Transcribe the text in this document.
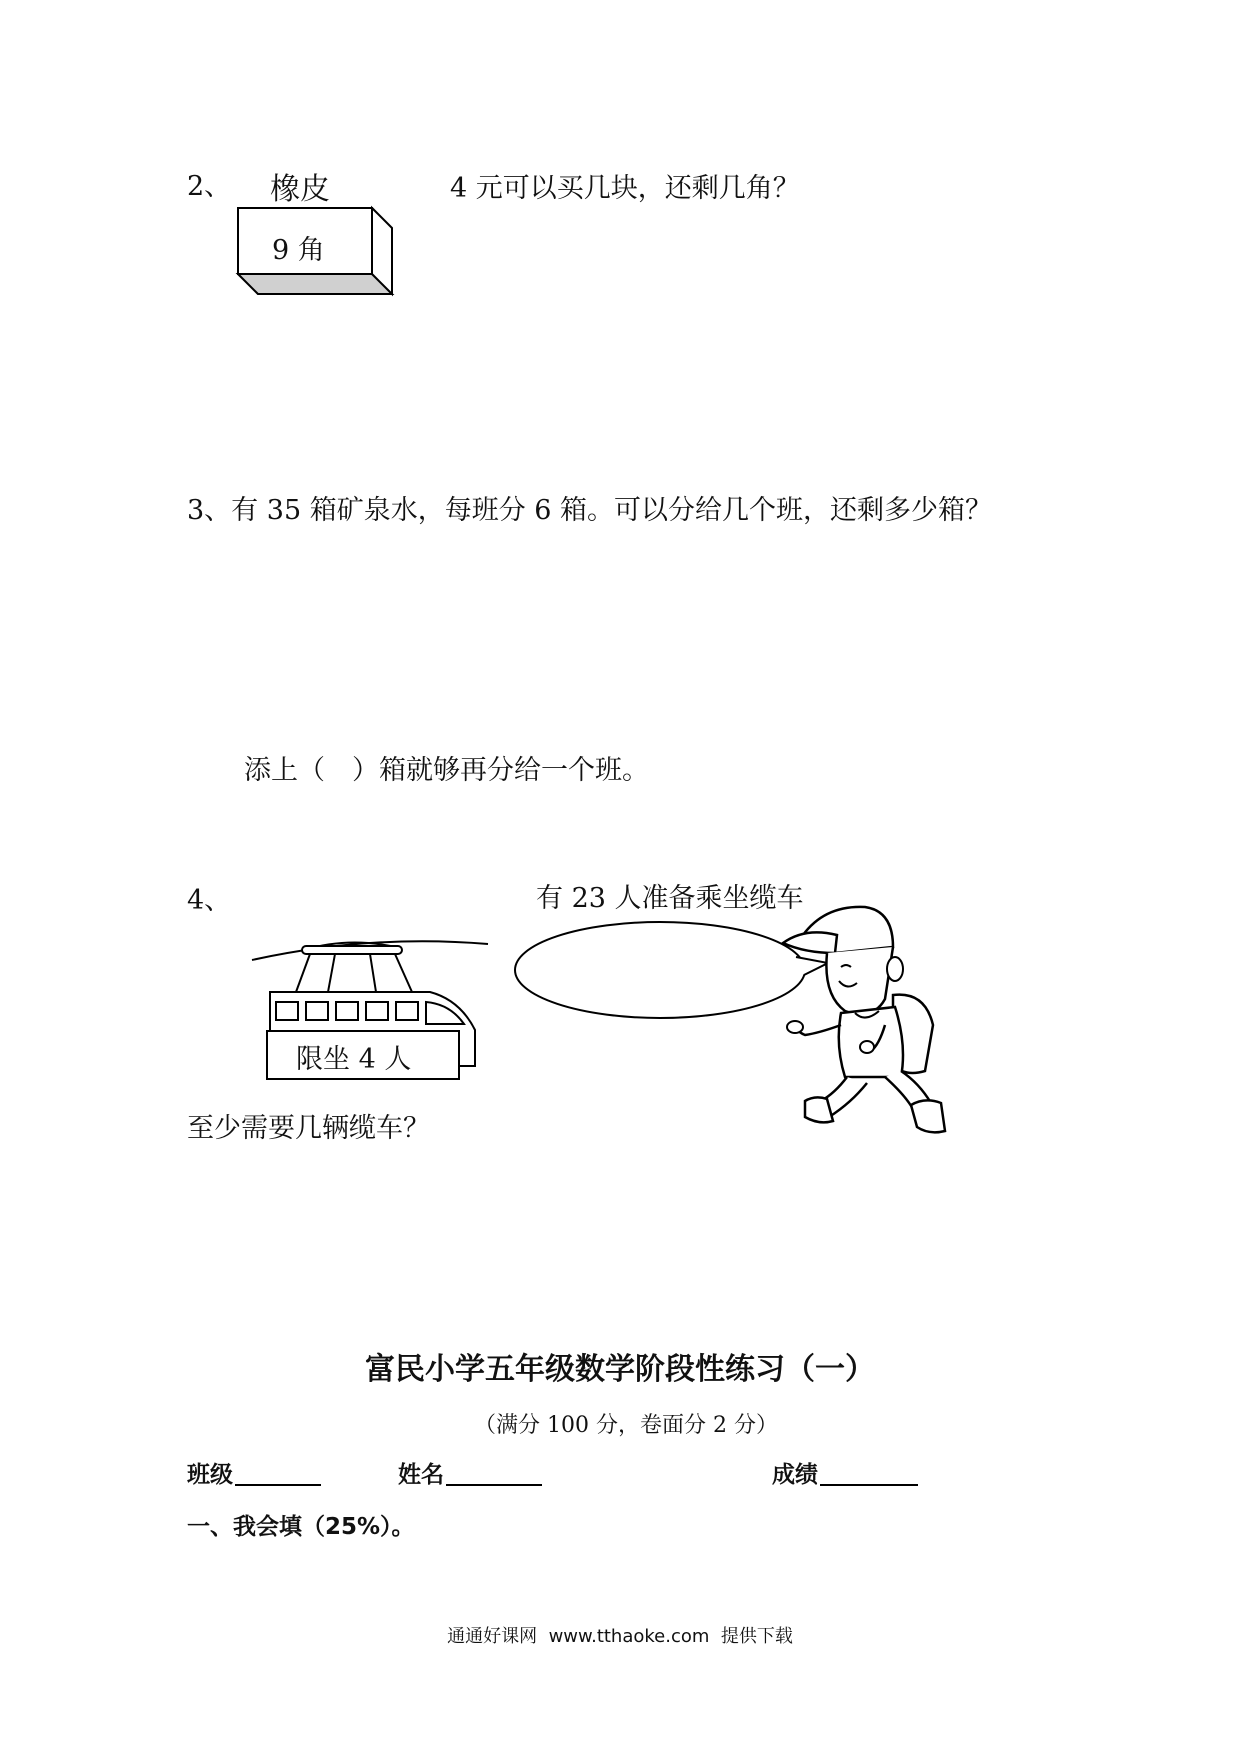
2、 橡皮	4 元可以买几块，还剩几角？
9 角
3、有 35 箱矿泉水，每班分 6 箱。可以分给几个班，还剩多少箱？
添上（　）箱就够再分给一个班。
4、	有 23 人准备乘坐缆车
限坐 4 人
至少需要几辆缆车？
富民小学五年级数学阶段性练习（一）
（满分 100 分，卷面分 2 分）
班级	姓名	成绩
一、我会填（25%）。
通通好课网  www.tthaoke.com  提供下载
